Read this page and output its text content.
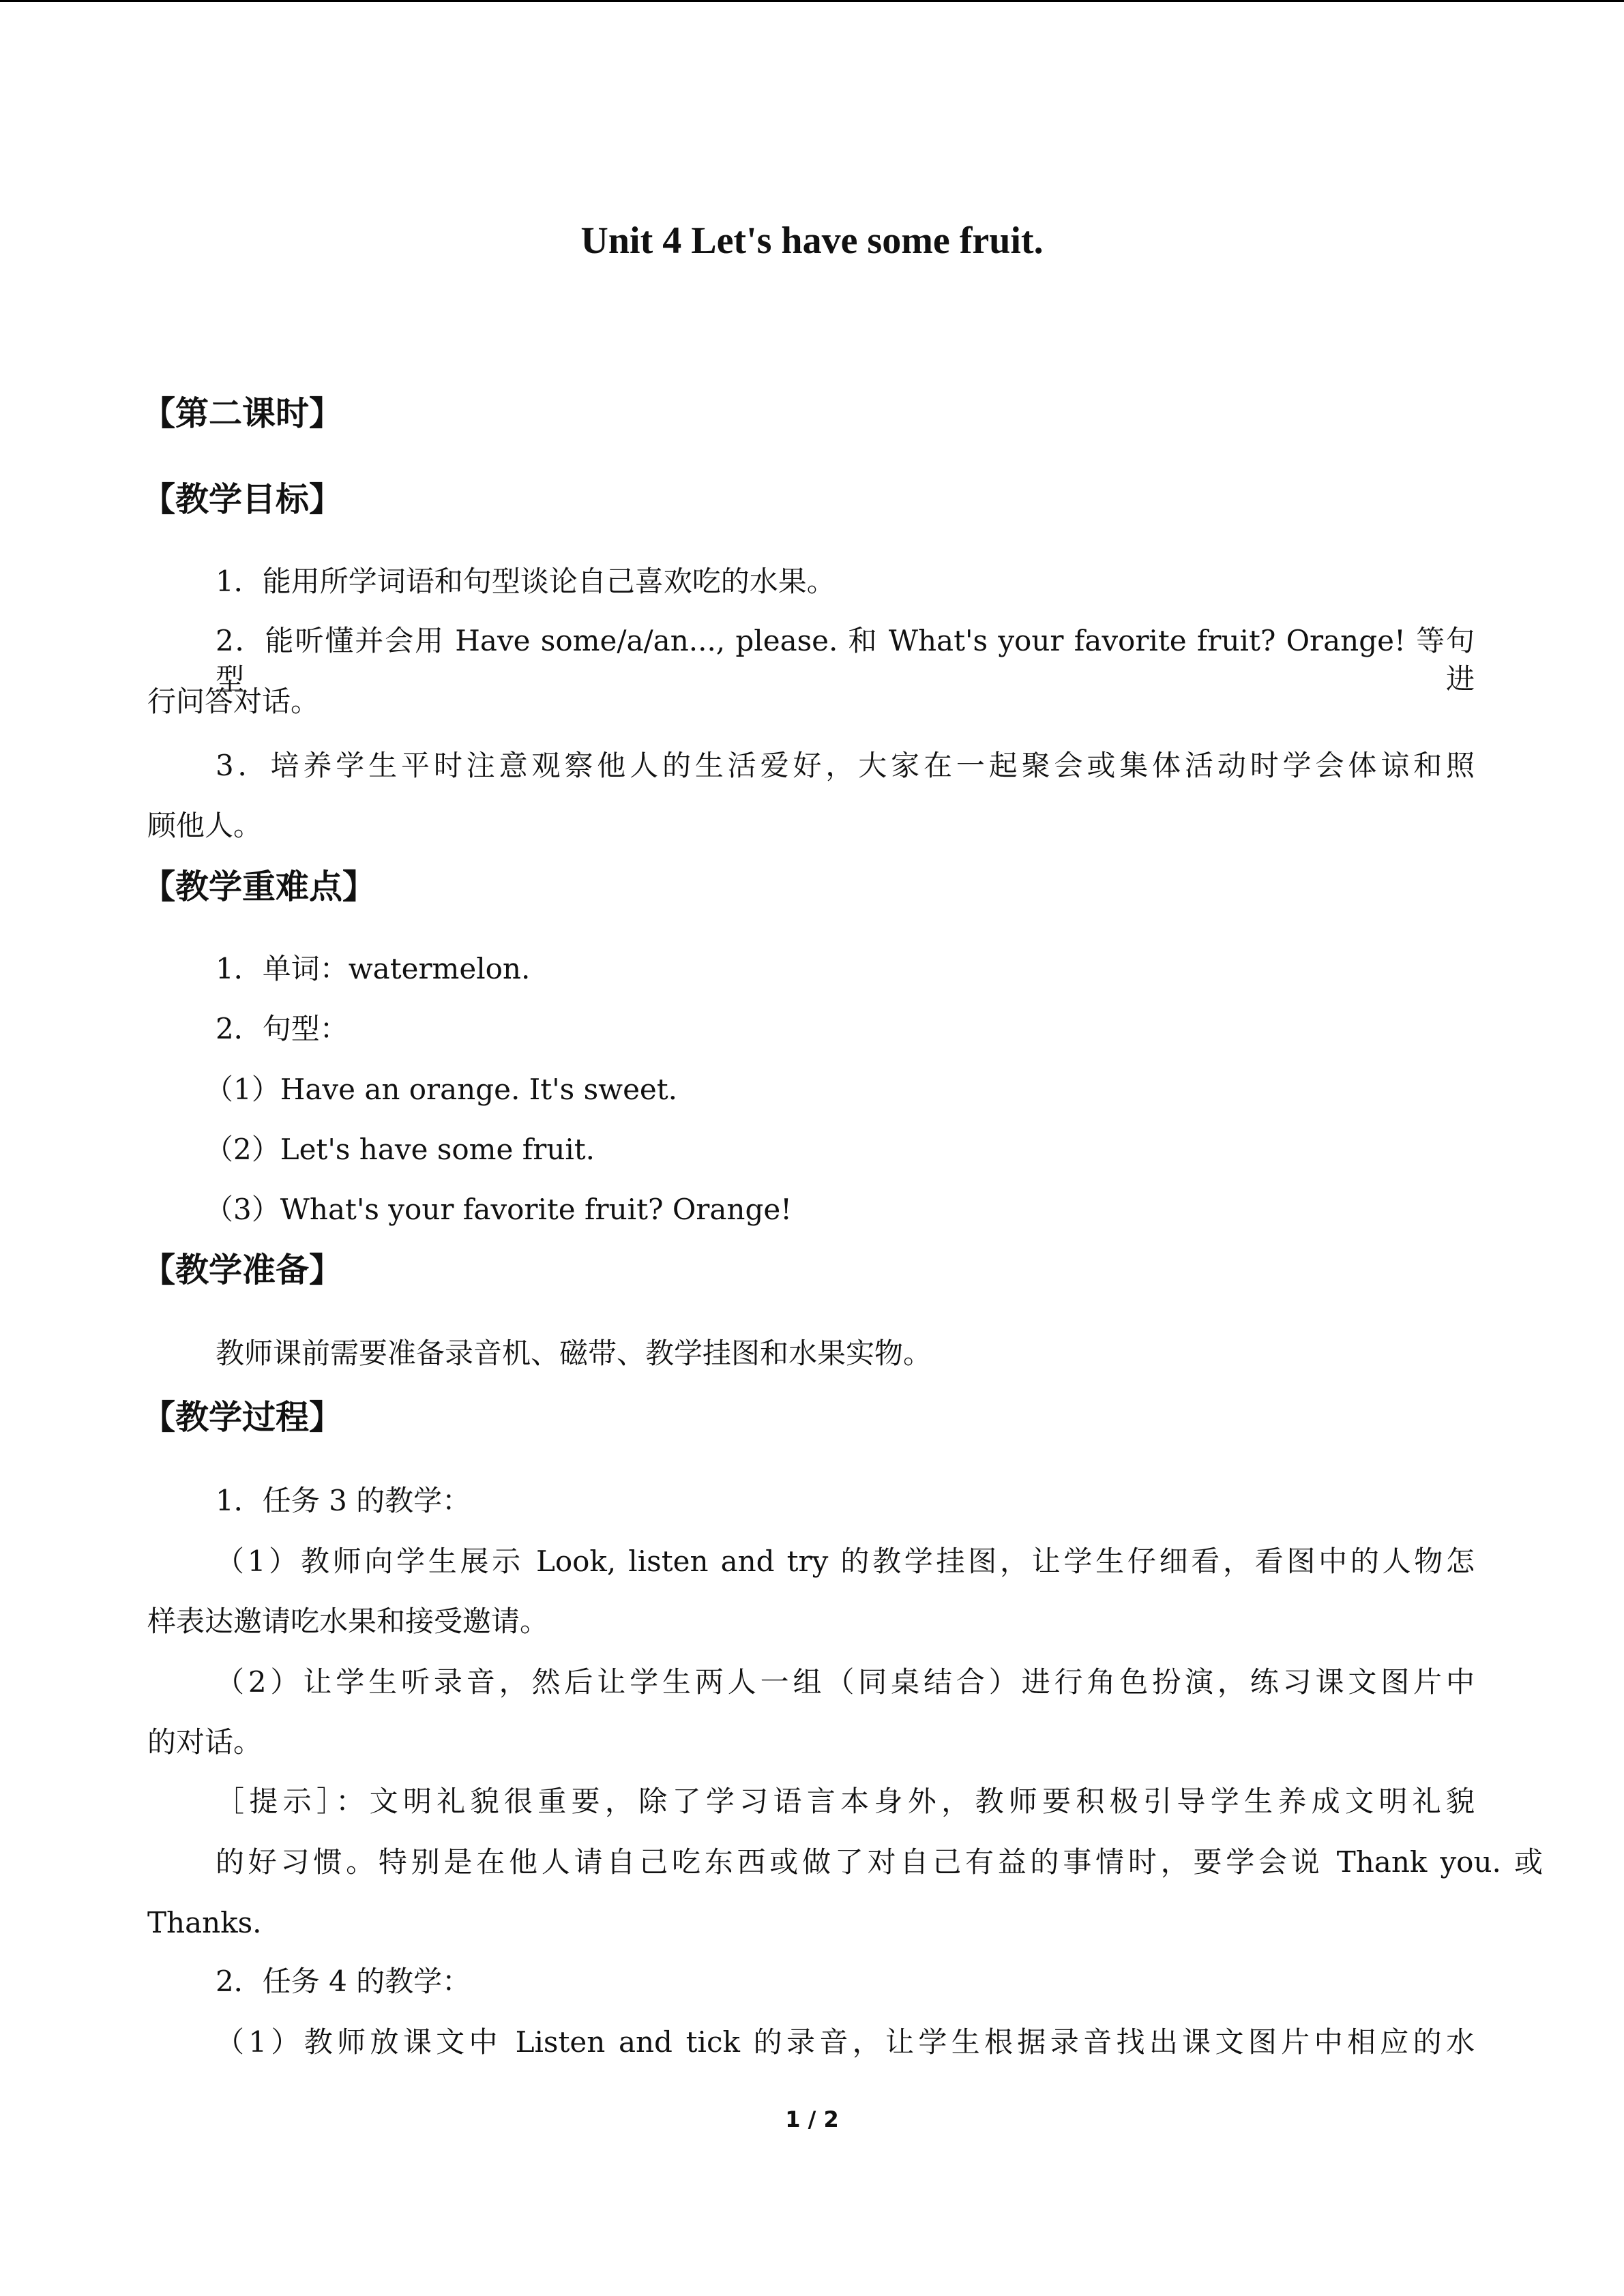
Unit 4 Let's have some fruit.
【第二课时】
【教学目标】
1．能用所学词语和句型谈论自己喜欢吃的水果。
2．能听懂并会用 Have some/a/an..., please. 和 What's your favorite fruit? Orange! 等句型进
行问答对话。
3．培养学生平时注意观察他人的生活爱好，大家在一起聚会或集体活动时学会体谅和照
顾他人。
【教学重难点】
1．单词：watermelon.
2．句型：
（1）Have an orange. It's sweet.
（2）Let's have some fruit.
（3）What's your favorite fruit? Orange!
【教学准备】
教师课前需要准备录音机、磁带、教学挂图和水果实物。
【教学过程】
1．任务 3 的教学：
（1）教师向学生展示 Look, listen and try 的教学挂图，让学生仔细看，看图中的人物怎
样表达邀请吃水果和接受邀请。
（2）让学生听录音，然后让学生两人一组（同桌结合）进行角色扮演，练习课文图片中
的对话。
［提示］：文明礼貌很重要，除了学习语言本身外，教师要积极引导学生养成文明礼貌
的好习惯。特别是在他人请自己吃东西或做了对自己有益的事情时，要学会说 Thank you. 或
Thanks.
2．任务 4 的教学：
（1）教师放课文中 Listen and tick 的录音，让学生根据录音找出课文图片中相应的水
1 / 2
